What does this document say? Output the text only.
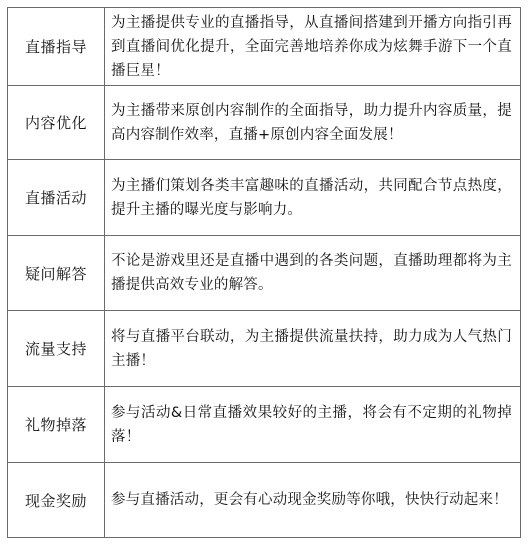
直播指导	为主播提供专业的直播指导，从直播间搭建到开播方向指引再到直播间优化提升，全面完善地培养你成为炫舞手游下一个直播巨星！
内容优化	为主播带来原创内容制作的全面指导，助力提升内容质量，提高内容制作效率，直播+原创内容全面发展！
直播活动	为主播们策划各类丰富趣味的直播活动，共同配合节点热度，提升主播的曝光度与影响力。
疑问解答	不论是游戏里还是直播中遇到的各类问题，直播助理都将为主播提供高效专业的解答。
流量支持	将与直播平台联动，为主播提供流量扶持，助力成为人气热门主播！
礼物掉落	参与活动&日常直播效果较好的主播，将会有不定期的礼物掉落！
现金奖励	参与直播活动，更会有心动现金奖励等你哦，快快行动起来！
